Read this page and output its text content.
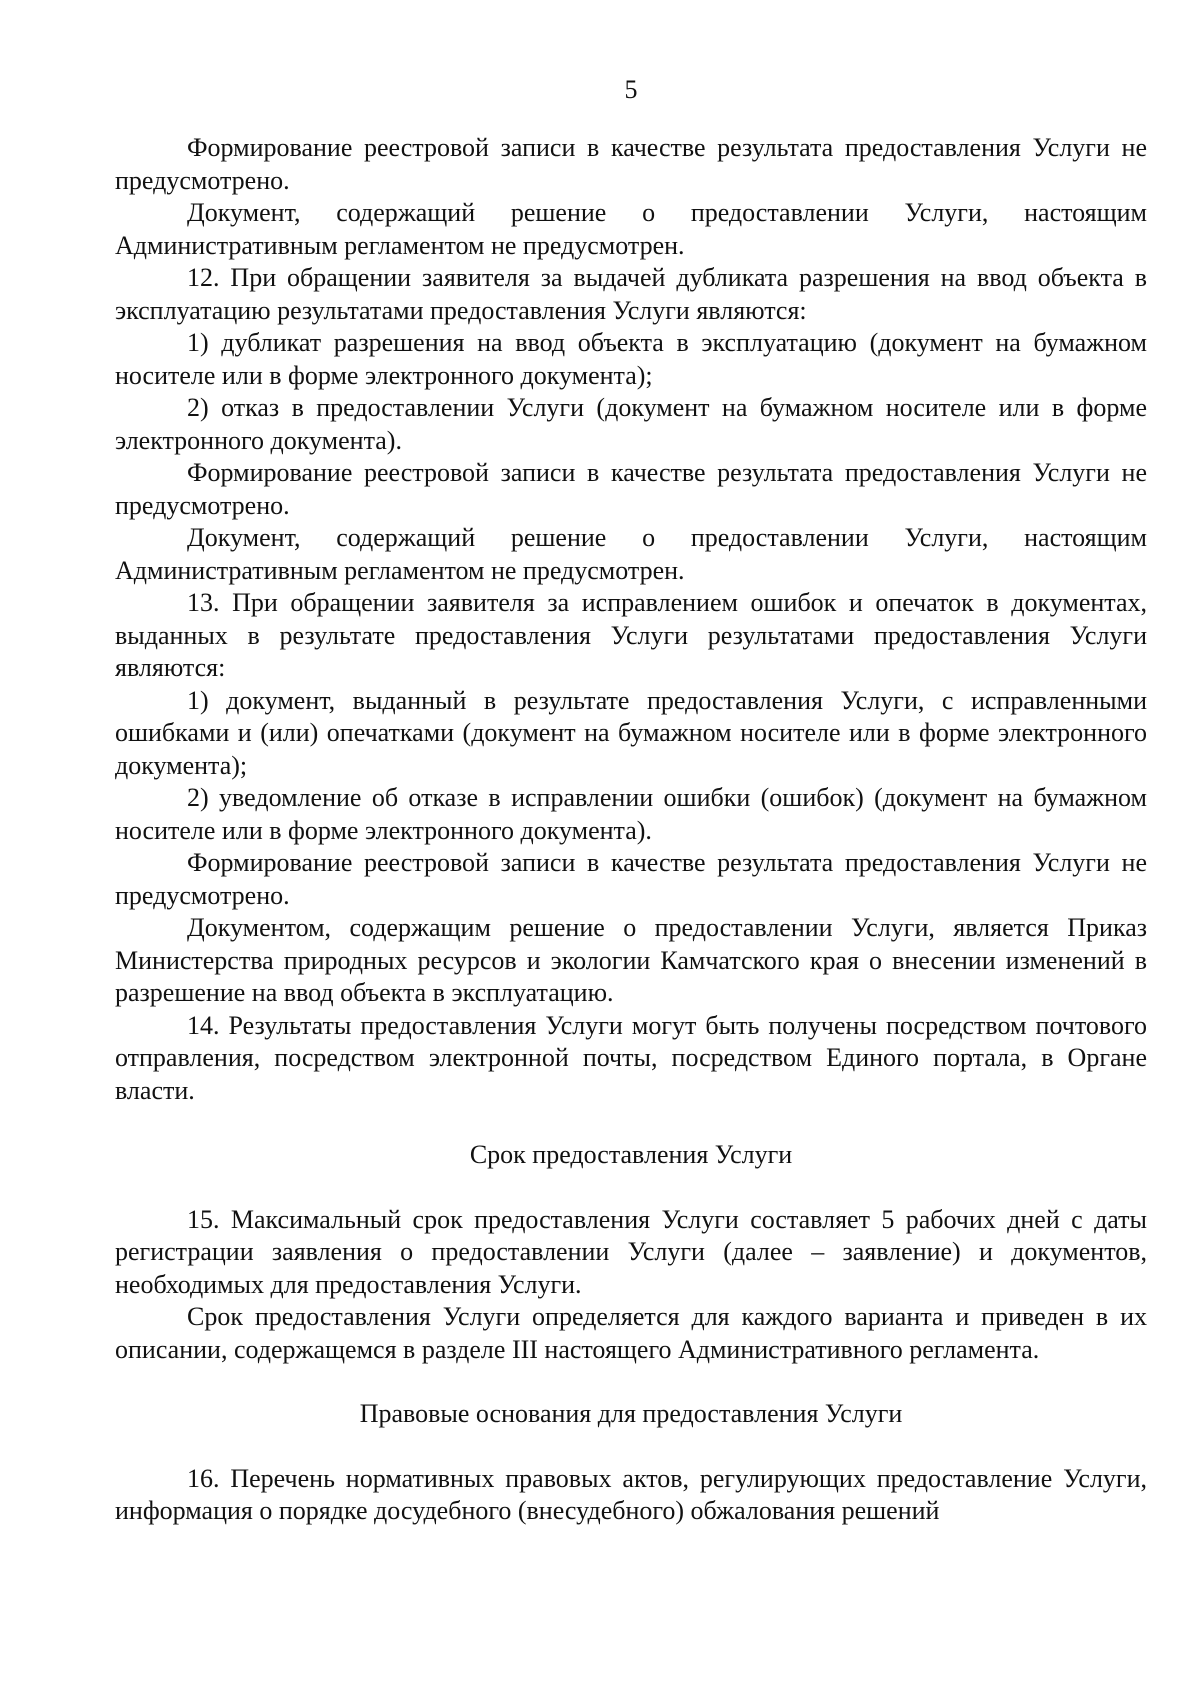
5

Формирование реестровой записи в качестве результата предоставления Услуги не предусмотрено.

Документ, содержащий решение о предоставлении Услуги, настоящим Административным регламентом не предусмотрен.

12. При обращении заявителя за выдачей дубликата разрешения на ввод объекта в эксплуатацию результатами предоставления Услуги являются:

1) дубликат разрешения на ввод объекта в эксплуатацию (документ на бумажном носителе или в форме электронного документа);

2) отказ в предоставлении Услуги (документ на бумажном носителе или в форме электронного документа).

Формирование реестровой записи в качестве результата предоставления Услуги не предусмотрено.

Документ, содержащий решение о предоставлении Услуги, настоящим Административным регламентом не предусмотрен.

13. При обращении заявителя за исправлением ошибок и опечаток в документах, выданных в результате предоставления Услуги результатами предоставления Услуги являются:

1) документ, выданный в результате предоставления Услуги, с исправленными ошибками и (или) опечатками (документ на бумажном носителе или в форме электронного документа);

2) уведомление об отказе в исправлении ошибки (ошибок) (документ на бумажном носителе или в форме электронного документа).

Формирование реестровой записи в качестве результата предоставления Услуги не предусмотрено.

Документом, содержащим решение о предоставлении Услуги, является Приказ Министерства природных ресурсов и экологии Камчатского края о внесении изменений в разрешение на ввод объекта в эксплуатацию.

14. Результаты предоставления Услуги могут быть получены посредством почтового отправления, посредством электронной почты, посредством Единого портала, в Органе власти.

Срок предоставления Услуги

15. Максимальный срок предоставления Услуги составляет 5 рабочих дней с даты регистрации заявления о предоставлении Услуги (далее – заявление) и документов, необходимых для предоставления Услуги.

Срок предоставления Услуги определяется для каждого варианта и приведен в их описании, содержащемся в разделе III настоящего Административного регламента.

Правовые основания для предоставления Услуги

16. Перечень нормативных правовых актов, регулирующих предоставление Услуги, информация о порядке досудебного (внесудебного) обжалования решений
